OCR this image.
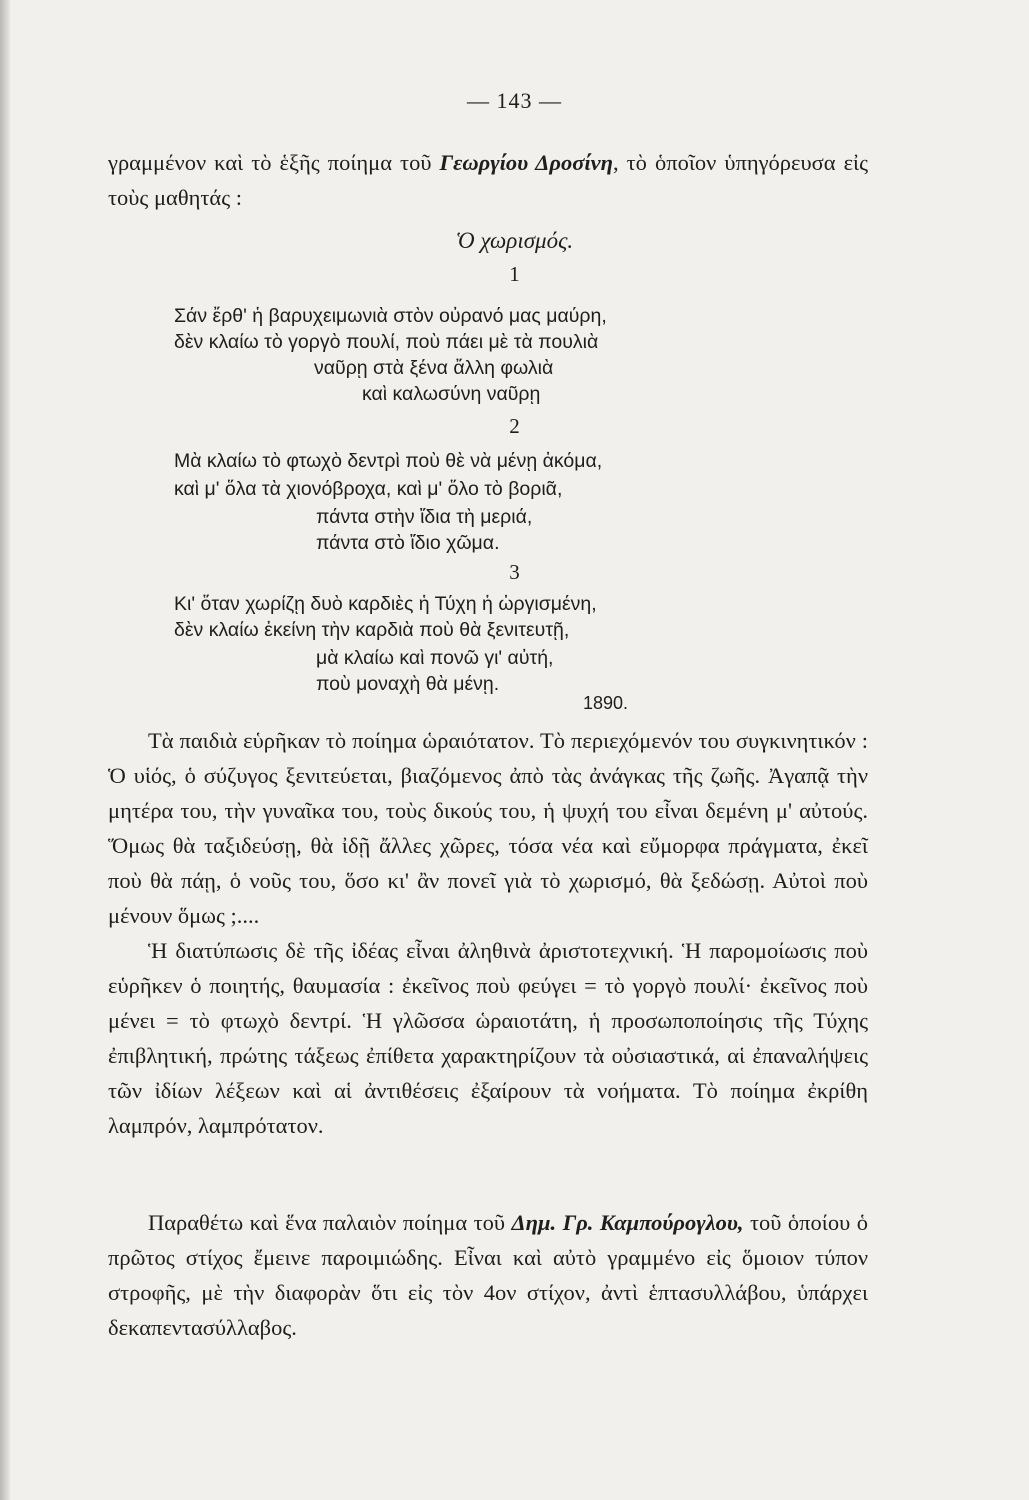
— 143 —

γραμμένον καὶ τὸ ἑξῆς ποίημα τοῦ Γεωργίου Δροσίνη, τὸ ὁποῖον ὑπηγόρευσα εἰς τοὺς μαθητάς :

Ὁ χωρισμός.
1
Σάν ἔρθ' ἡ βαρυχειμωνιὰ στὸν οὐρανό μας μαύρη,
δὲν κλαίω τὸ γοργὸ πουλί, ποὺ πάει μὲ τὰ πουλιὰ
ναῦρῃ στὰ ξένα ἄλλη φωλιὰ
καὶ καλωσύνη ναῦρῃ
2
Μὰ κλαίω τὸ φτωχὸ δεντρὶ ποὺ θὲ νὰ μένῃ ἀκόμα,
καὶ μ' ὅλα τὰ χιονόβροχα, καὶ μ' ὅλο τὸ βοριᾶ,
πάντα στὴν ἴδια τὴ μεριά,
πάντα στὸ ἴδιο χῶμα.
3
Κι' ὅταν χωρίζῃ δυὸ καρδιὲς ἡ Τύχη ἡ ὠργισμένη,
δὲν κλαίω ἐκείνη τὴν καρδιὰ ποὺ θὰ ξενιτευτῇ,
μὰ κλαίω καὶ πονῶ γι' αὐτή,
ποὺ μοναχὴ θὰ μένῃ.
1890.

Τὰ παιδιὰ εὑρῆκαν τὸ ποίημα ὡραιότατον. Τὸ περιεχόμενόν του συγκινητικόν : Ὁ υἱός, ὁ σύζυγος ξενιτεύεται, βιαζόμενος ἀπὸ τὰς ἀνάγκας τῆς ζωῆς. Ἀγαπᾷ τὴν μητέρα του, τὴν γυναῖκα του, τοὺς δικούς του, ἡ ψυχή του εἶναι δεμένη μ' αὐτούς. Ὅμως θὰ ταξιδεύσῃ, θὰ ἰδῇ ἄλλες χῶρες, τόσα νέα καὶ εὔμορφα πράγματα, ἐκεῖ ποὺ θὰ πάῃ, ὁ νοῦς του, ὅσο κι' ἂν πονεῖ γιὰ τὸ χωρισμό, θὰ ξεδώσῃ. Αὐτοὶ ποὺ μένουν ὅμως ;....

Ἡ διατύπωσις δὲ τῆς ἰδέας εἶναι ἀληθινὰ ἀριστοτεχνική. Ἡ παρομοίωσις ποὺ εὑρῆκεν ὁ ποιητής, θαυμασία : ἐκεῖνος ποὺ φεύγει = τὸ γοργὸ πουλί· ἐκεῖνος ποὺ μένει = τὸ φτωχὸ δεντρί. Ἡ γλῶσσα ὡραιοτάτη, ἡ προσωποποίησις τῆς Τύχης ἐπιβλητική, πρώτης τάξεως ἐπίθετα χαρακτηρίζουν τὰ οὐσιαστικά, αἱ ἐπαναλήψεις τῶν ἰδίων λέξεων καὶ αἱ ἀντιθέσεις ἐξαίρουν τὰ νοήματα. Τὸ ποίημα ἐκρίθη λαμπρόν, λαμπρότατον.

Παραθέτω καὶ ἕνα παλαιὸν ποίημα τοῦ Δημ. Γρ. Καμπούρογλου, τοῦ ὁποίου ὁ πρῶτος στίχος ἔμεινε παροιμιώδης. Εἶναι καὶ αὐτὸ γραμμένο εἰς ὅμοιον τύπον στροφῆς, μὲ τὴν διαφορὰν ὅτι εἰς τὸν 4ον στίχον, ἀντὶ ἑπτασυλλάβου, ὑπάρχει δεκαπεντασύλλαβος.
